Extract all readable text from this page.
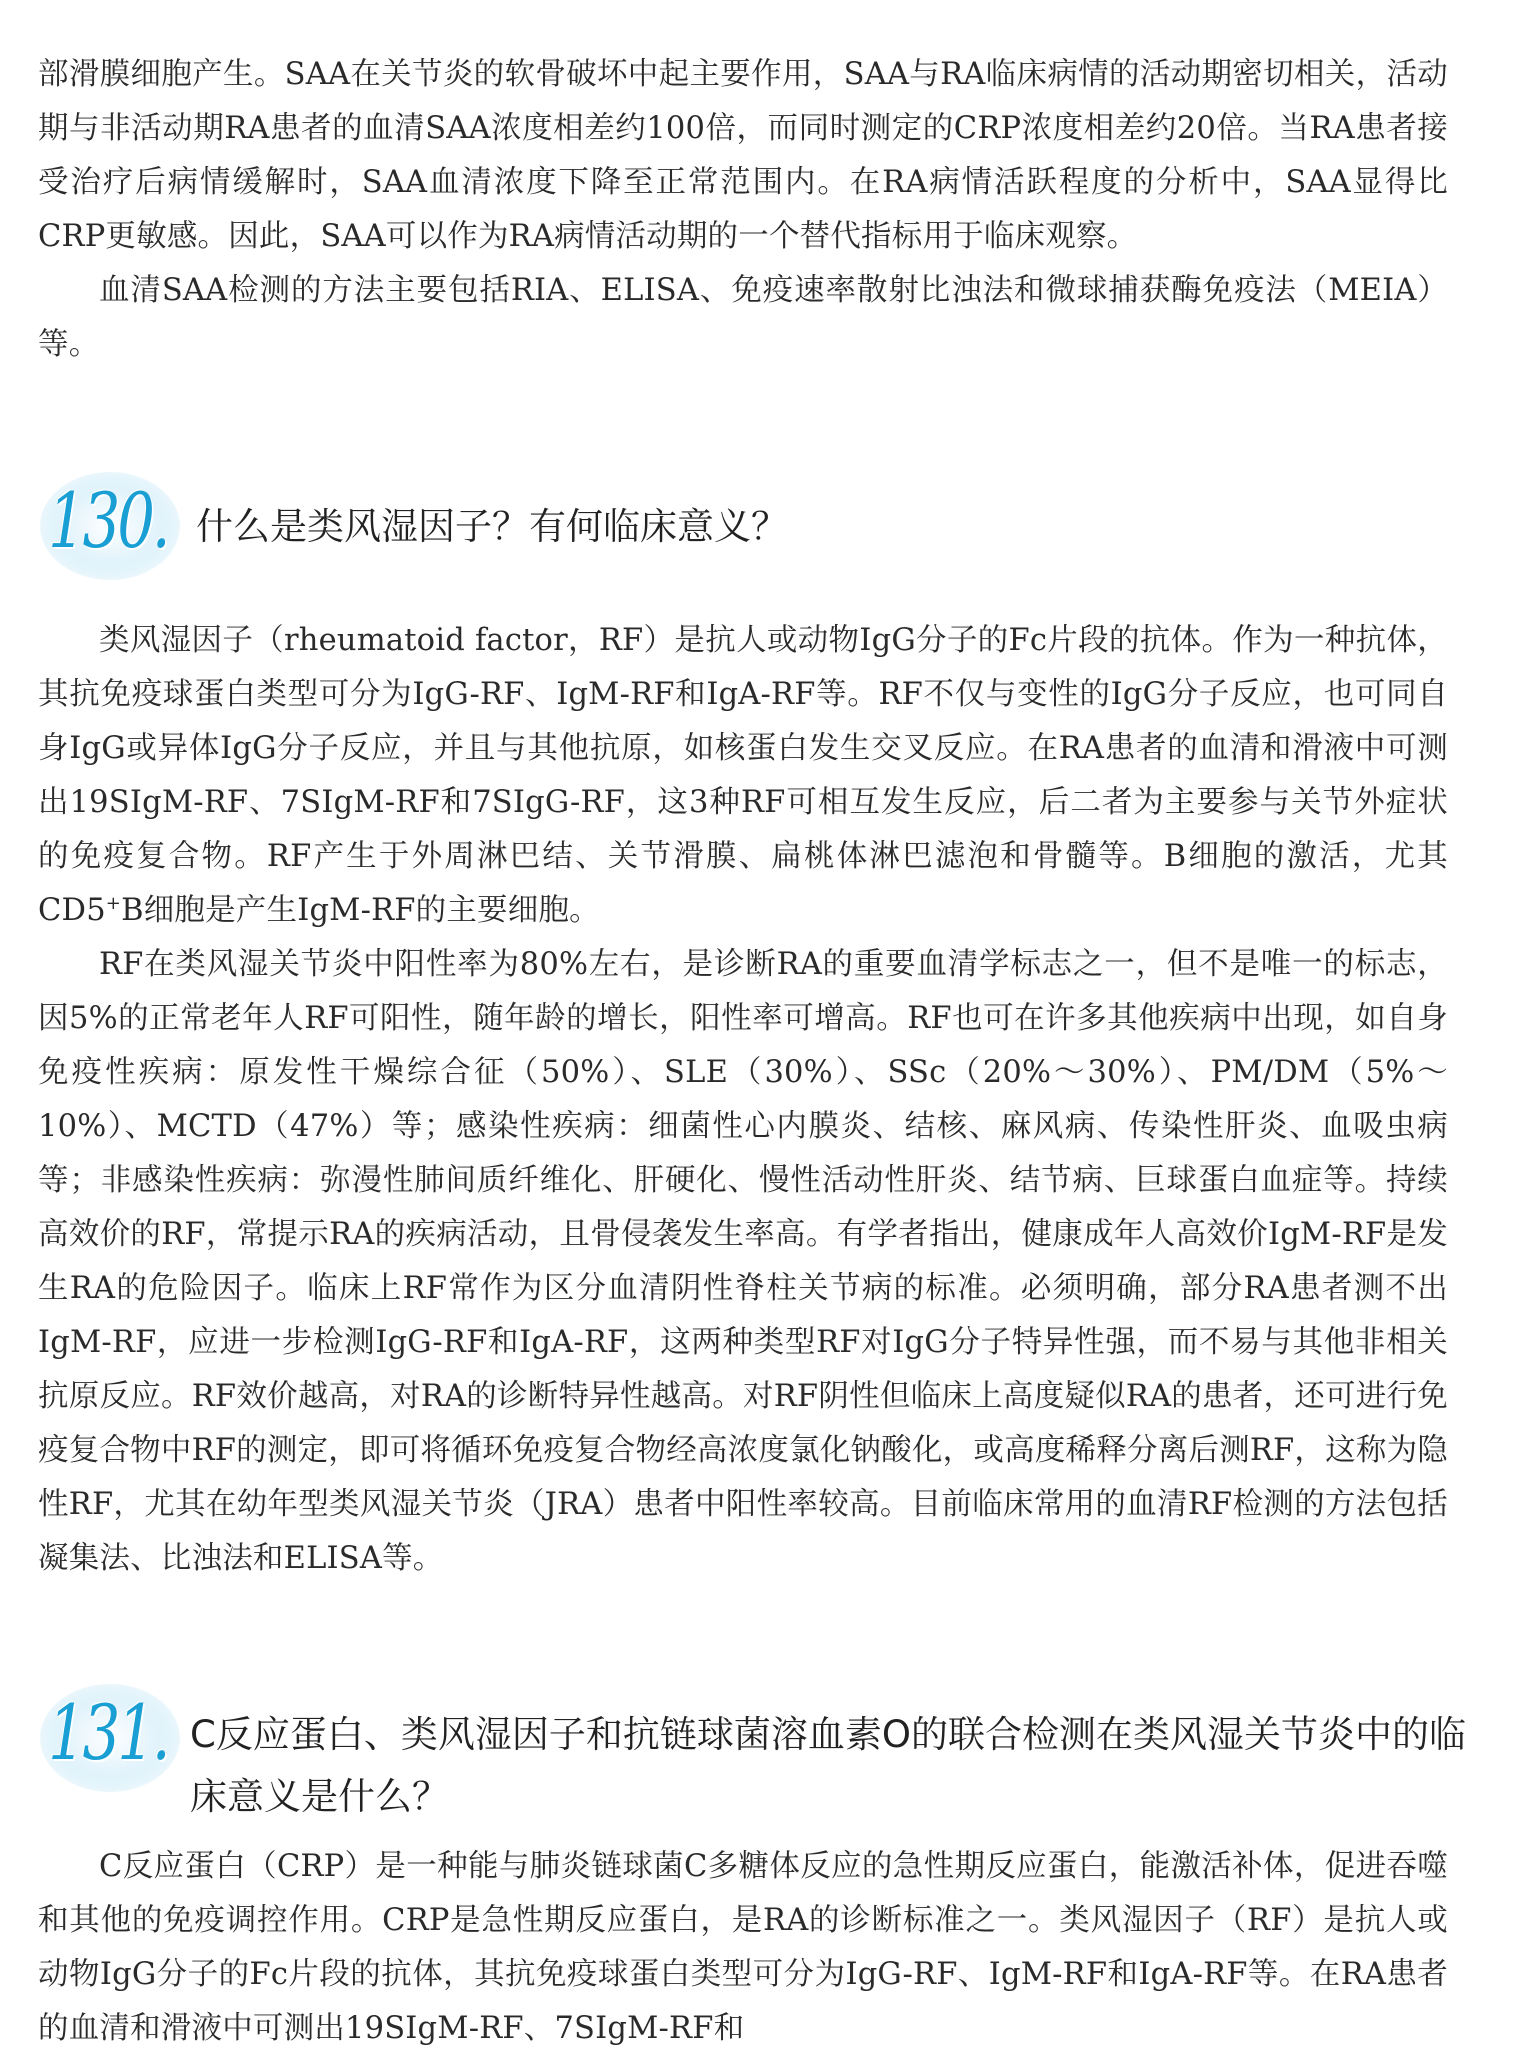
部滑膜细胞产生。SAA在关节炎的软骨破坏中起主要作用，SAA与RA临床病情的活动期密切相关，活动期与非活动期RA患者的血清SAA浓度相差约100倍，而同时测定的CRP浓度相差约20倍。当RA患者接受治疗后病情缓解时，SAA血清浓度下降至正常范围内。在RA病情活跃程度的分析中，SAA显得比CRP更敏感。因此，SAA可以作为RA病情活动期的一个替代指标用于临床观察。

血清SAA检测的方法主要包括RIA、ELISA、免疫速率散射比浊法和微球捕获酶免疫法（MEIA）等。

130. 什么是类风湿因子？有何临床意义？

类风湿因子（rheumatoid factor，RF）是抗人或动物IgG分子的Fc片段的抗体。作为一种抗体，其抗免疫球蛋白类型可分为IgG-RF、IgM-RF和IgA-RF等。RF不仅与变性的IgG分子反应，也可同自身IgG或异体IgG分子反应，并且与其他抗原，如核蛋白发生交叉反应。在RA患者的血清和滑液中可测出19SIgM-RF、7SIgM-RF和7SIgG-RF，这3种RF可相互发生反应，后二者为主要参与关节外症状的免疫复合物。RF产生于外周淋巴结、关节滑膜、扁桃体淋巴滤泡和骨髓等。B细胞的激活，尤其CD5+B细胞是产生IgM-RF的主要细胞。

RF在类风湿关节炎中阳性率为80%左右，是诊断RA的重要血清学标志之一，但不是唯一的标志，因5%的正常老年人RF可阳性，随年龄的增长，阳性率可增高。RF也可在许多其他疾病中出现，如自身免疫性疾病：原发性干燥综合征（50%）、SLE（30%）、SSc（20%～30%）、PM/DM（5%～10%）、MCTD（47%）等；感染性疾病：细菌性心内膜炎、结核、麻风病、传染性肝炎、血吸虫病等；非感染性疾病：弥漫性肺间质纤维化、肝硬化、慢性活动性肝炎、结节病、巨球蛋白血症等。持续高效价的RF，常提示RA的疾病活动，且骨侵袭发生率高。有学者指出，健康成年人高效价IgM-RF是发生RA的危险因子。临床上RF常作为区分血清阴性脊柱关节病的标准。必须明确，部分RA患者测不出IgM-RF，应进一步检测IgG-RF和IgA-RF，这两种类型RF对IgG分子特异性强，而不易与其他非相关抗原反应。RF效价越高，对RA的诊断特异性越高。对RF阴性但临床上高度疑似RA的患者，还可进行免疫复合物中RF的测定，即可将循环免疫复合物经高浓度氯化钠酸化，或高度稀释分离后测RF，这称为隐性RF，尤其在幼年型类风湿关节炎（JRA）患者中阳性率较高。目前临床常用的血清RF检测的方法包括凝集法、比浊法和ELISA等。

131. C反应蛋白、类风湿因子和抗链球菌溶血素O的联合检测在类风湿关节炎中的临床意义是什么？

C反应蛋白（CRP）是一种能与肺炎链球菌C多糖体反应的急性期反应蛋白，能激活补体，促进吞噬和其他的免疫调控作用。CRP是急性期反应蛋白，是RA的诊断标准之一。类风湿因子（RF）是抗人或动物IgG分子的Fc片段的抗体，其抗免疫球蛋白类型可分为IgG-RF、IgM-RF和IgA-RF等。在RA患者的血清和滑液中可测出19SIgM-RF、7SIgM-RF和
